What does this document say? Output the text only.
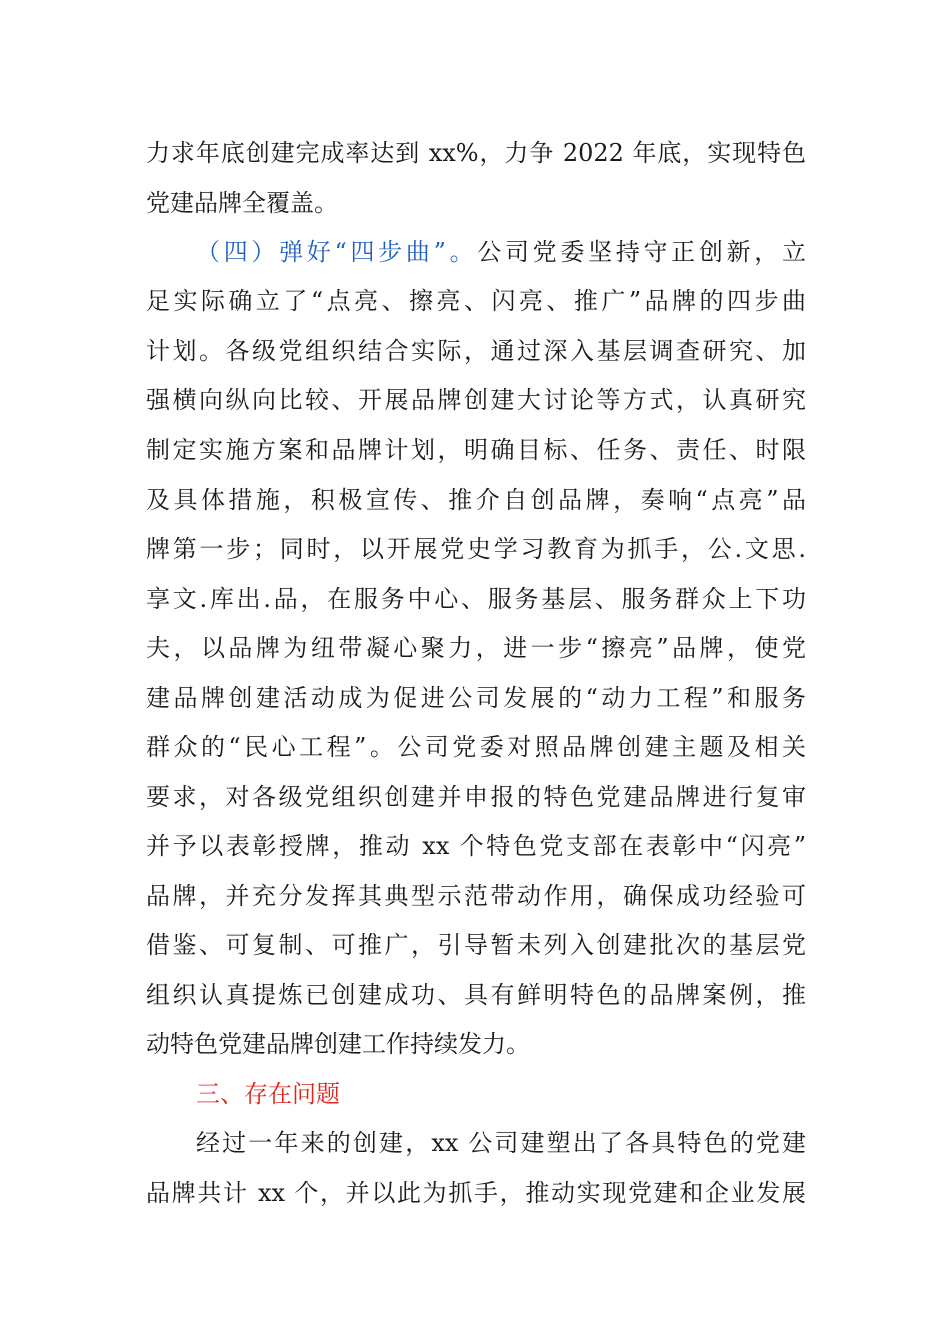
力求年底创建完成率达到 xx%，力争 2022 年底，实现特色
党建品牌全覆盖。
（四）弹好“四步曲”。公司党委坚持守正创新，立
足实际确立了“点亮、擦亮、闪亮、推广”品牌的四步曲
计划。各级党组织结合实际，通过深入基层调查研究、加
强横向纵向比较、开展品牌创建大讨论等方式，认真研究
制定实施方案和品牌计划，明确目标、任务、责任、时限
及具体措施，积极宣传、推介自创品牌，奏响“点亮”品
牌第一步；同时，以开展党史学习教育为抓手，公.文思.
享文.库出.品，在服务中心、服务基层、服务群众上下功
夫，以品牌为纽带凝心聚力，进一步“擦亮”品牌，使党
建品牌创建活动成为促进公司发展的“动力工程”和服务
群众的“民心工程”。公司党委对照品牌创建主题及相关
要求，对各级党组织创建并申报的特色党建品牌进行复审
并予以表彰授牌，推动 xx 个特色党支部在表彰中“闪亮”
品牌，并充分发挥其典型示范带动作用，确保成功经验可
借鉴、可复制、可推广，引导暂未列入创建批次的基层党
组织认真提炼已创建成功、具有鲜明特色的品牌案例，推
动特色党建品牌创建工作持续发力。
三、存在问题
经过一年来的创建，xx 公司建塑出了各具特色的党建
品牌共计 xx 个，并以此为抓手，推动实现党建和企业发展
